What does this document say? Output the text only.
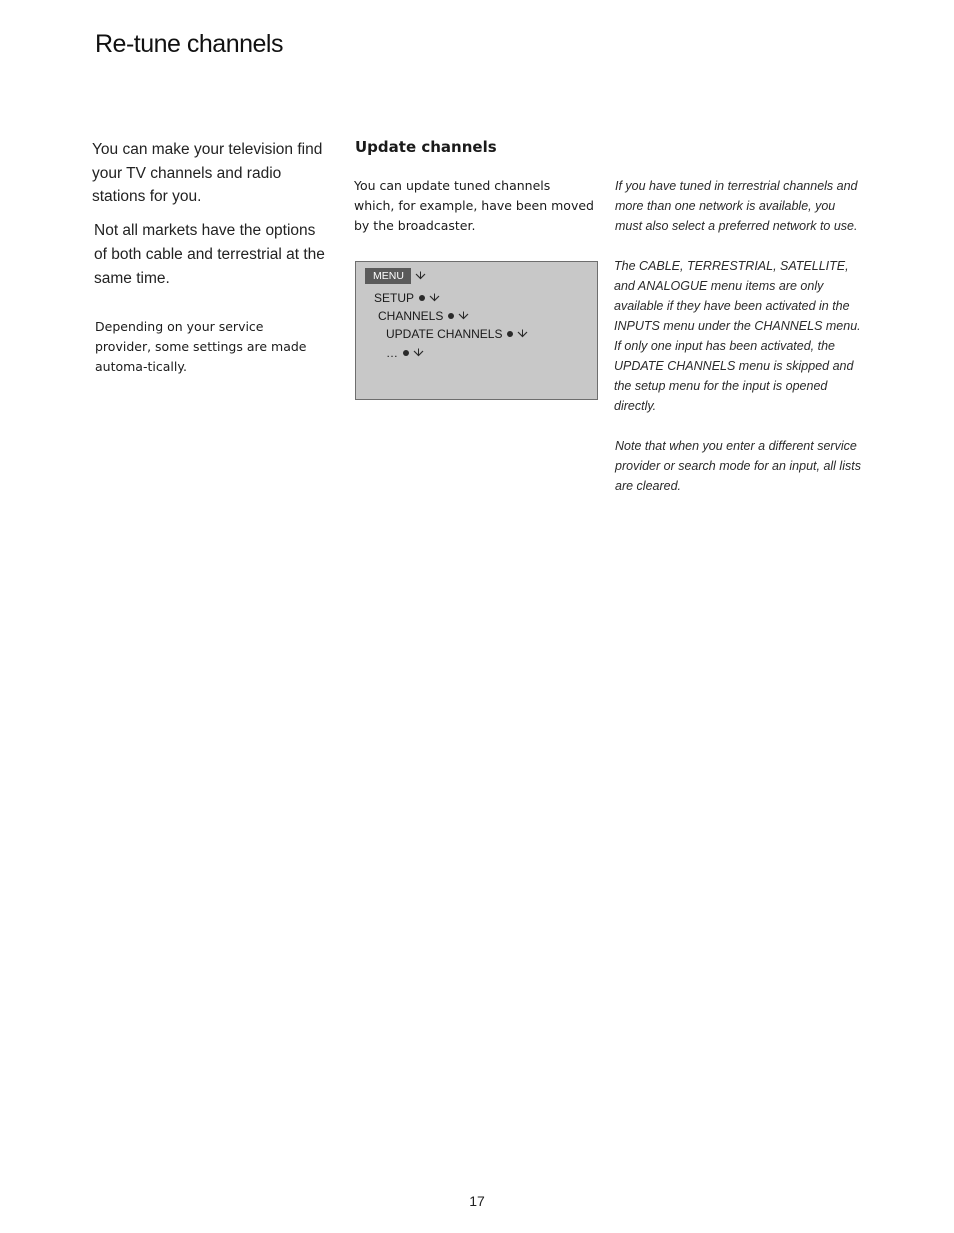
Re-tune channels

You can make your television find your TV channels and radio stations for you.

Not all markets have the options of both cable and terrestrial at the same time.

Depending on your service provider, some settings are made automa-tically.

Update channels

You can update tuned channels which, for example, have been moved by the broadcaster.

MENU
SETUP
CHANNELS
UPDATE CHANNELS
…

If you have tuned in terrestrial channels and more than one network is available, you must also select a preferred network to use.

The CABLE, TERRESTRIAL, SATELLITE, and ANALOGUE menu items are only available if they have been activated in the INPUTS menu under the CHANNELS menu. If only one input has been activated, the UPDATE CHANNELS menu is skipped and the setup menu for the input is opened directly.

Note that when you enter a different service provider or search mode for an input, all lists are cleared.

17
